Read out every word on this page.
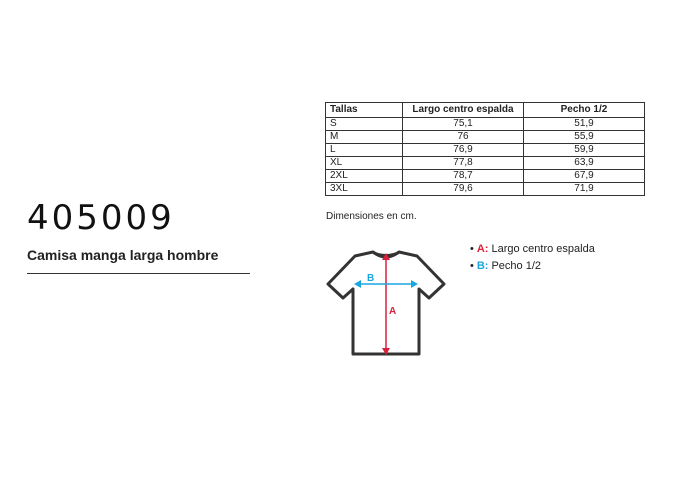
405009

Camisa manga larga hombre

Tallas	Largo centro espalda	Pecho 1/2
S	75,1	51,9
M	76	55,9
L	76,9	59,9
XL	77,8	63,9
2XL	78,7	67,9
3XL	79,6	71,9

Dimensiones en cm.

A
B
• A: Largo centro espalda
• B: Pecho 1/2
